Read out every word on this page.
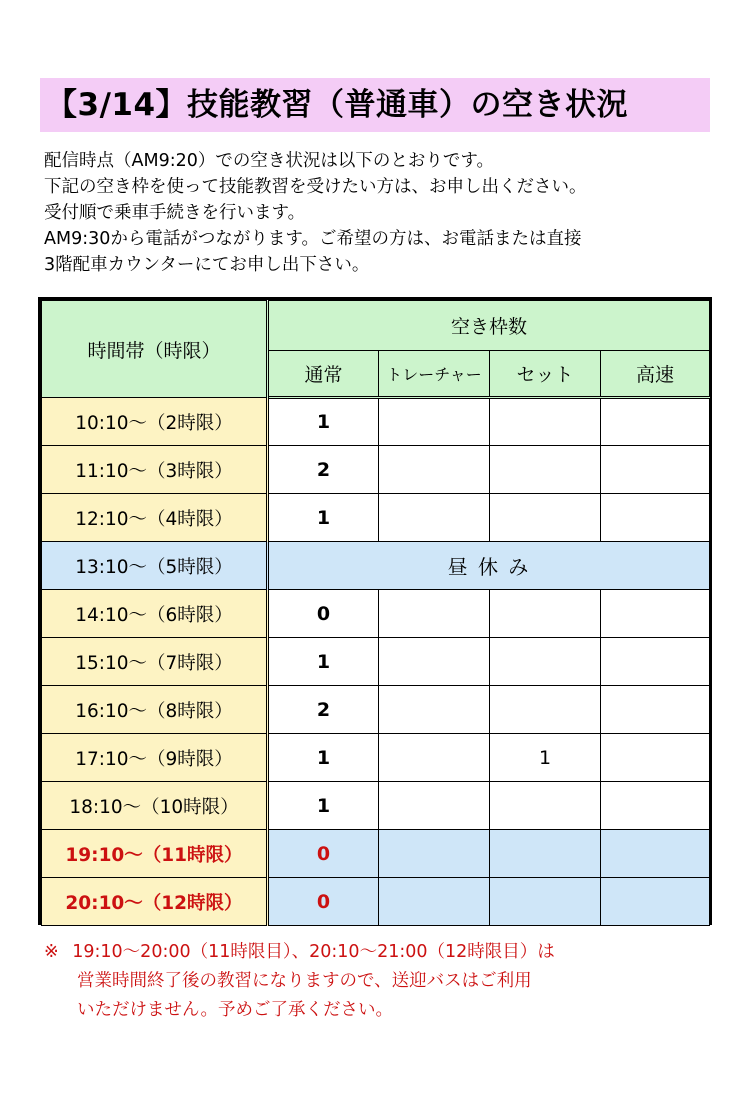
【3/14】技能教習（普通車）の空き状況
配信時点（AM9:20）での空き状況は以下のとおりです。
下記の空き枠を使って技能教習を受けたい方は、お申し出ください。
受付順で乗車手続きを行います。
AM9:30から電話がつながります。ご希望の方は、お電話または直接
3階配車カウンターにてお申し出下さい。
時間帯（時限）	空き枠数			
	通常	トレーチャー	セット	高速
10:10～（2時限）	1			
11:10～（3時限）	2			
12:10～（4時限）	1			
13:10～（5時限）	昼 休 み			
14:10～（6時限）	0			
15:10～（7時限）	1			
16:10～（8時限）	2			
17:10～（9時限）	1		1	
18:10～（10時限）	1			
19:10～（11時限）	0			
20:10～（12時限）	0			
※ 19:10～20:00（11時限目）、20:10～21:00（12時限目）は
営業時間終了後の教習になりますので、送迎バスはご利用
いただけません。予めご了承ください。
